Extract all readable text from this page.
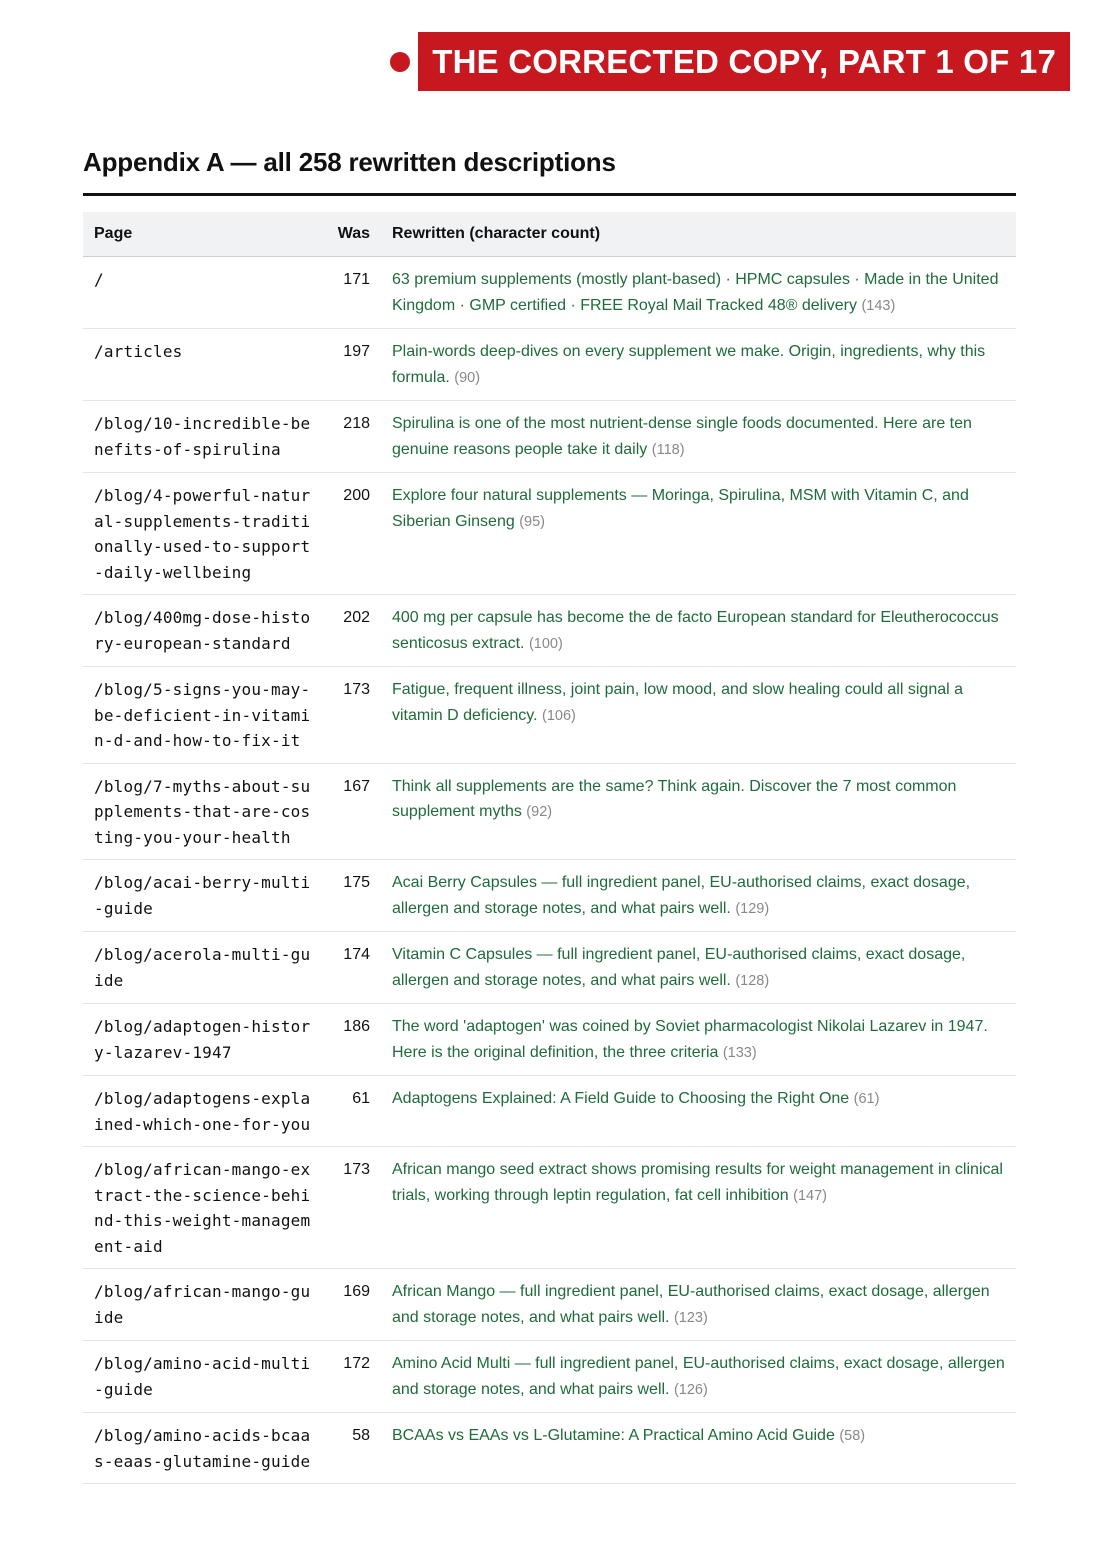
THE CORRECTED COPY, PART 1 OF 17
Appendix A — all 258 rewritten descriptions
Page	Was	Rewritten (character count)
/	171	63 premium supplements (mostly plant-based) · HPMC capsules · Made in the United Kingdom · GMP certified · FREE Royal Mail Tracked 48® delivery (143)
/articles	197	Plain-words deep-dives on every supplement we make. Origin, ingredients, why this formula. (90)
/blog/10-incredible-benefits-of-spirulina	218	Spirulina is one of the most nutrient-dense single foods documented. Here are ten genuine reasons people take it daily (118)
/blog/4-powerful-natural-supplements-traditionally-used-to-support-daily-wellbeing	200	Explore four natural supplements — Moringa, Spirulina, MSM with Vitamin C, and Siberian Ginseng (95)
/blog/400mg-dose-history-european-standard	202	400 mg per capsule has become the de facto European standard for Eleutherococcus senticosus extract. (100)
/blog/5-signs-you-may-be-deficient-in-vitamin-d-and-how-to-fix-it	173	Fatigue, frequent illness, joint pain, low mood, and slow healing could all signal a vitamin D deficiency. (106)
/blog/7-myths-about-supplements-that-are-costing-you-your-health	167	Think all supplements are the same? Think again. Discover the 7 most common supplement myths (92)
/blog/acai-berry-multi-guide	175	Acai Berry Capsules — full ingredient panel, EU-authorised claims, exact dosage, allergen and storage notes, and what pairs well. (129)
/blog/acerola-multi-guide	174	Vitamin C Capsules — full ingredient panel, EU-authorised claims, exact dosage, allergen and storage notes, and what pairs well. (128)
/blog/adaptogen-history-lazarev-1947	186	The word 'adaptogen' was coined by Soviet pharmacologist Nikolai Lazarev in 1947. Here is the original definition, the three criteria (133)
/blog/adaptogens-explained-which-one-for-you	61	Adaptogens Explained: A Field Guide to Choosing the Right One (61)
/blog/african-mango-extract-the-science-behind-this-weight-management-aid	173	African mango seed extract shows promising results for weight management in clinical trials, working through leptin regulation, fat cell inhibition (147)
/blog/african-mango-guide	169	African Mango — full ingredient panel, EU-authorised claims, exact dosage, allergen and storage notes, and what pairs well. (123)
/blog/amino-acid-multi-guide	172	Amino Acid Multi — full ingredient panel, EU-authorised claims, exact dosage, allergen and storage notes, and what pairs well. (126)
/blog/amino-acids-bcaas-eaas-glutamine-guide	58	BCAAs vs EAAs vs L-Glutamine: A Practical Amino Acid Guide (58)
